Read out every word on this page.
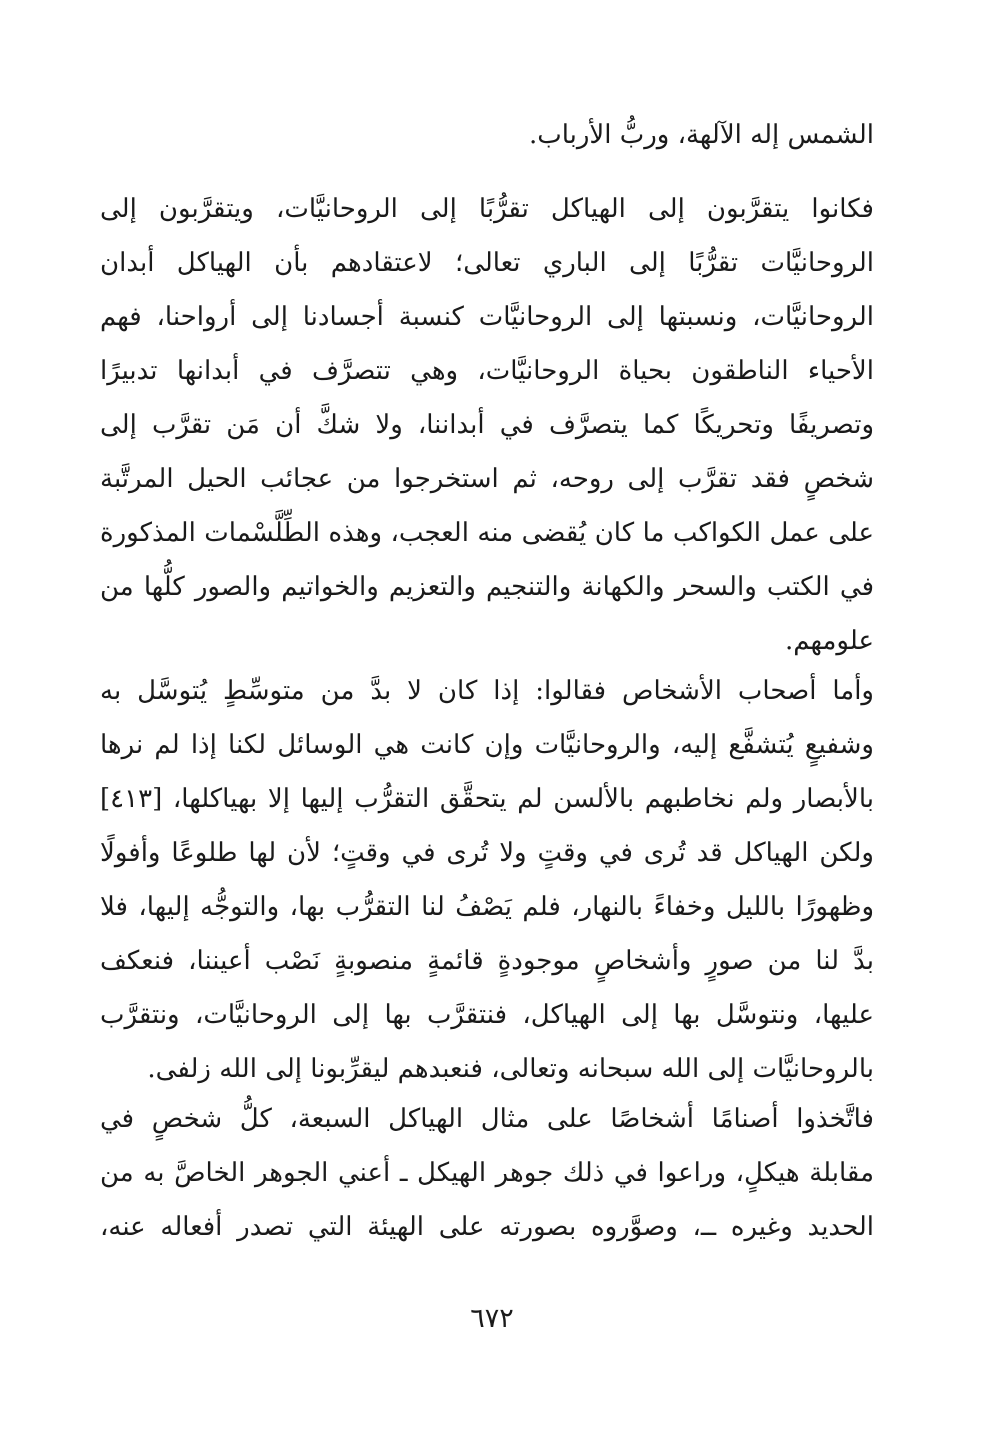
الشمس إله الآلهة، وربُّ الأرباب.
فكانوا يتقرَّبون إلى الهياكل تقرُّبًا إلى الروحانيَّات، ويتقرَّبون إلى
الروحانيَّات تقرُّبًا إلى الباري تعالى؛ لاعتقادهم بأن الهياكل أبدان
الروحانيَّات، ونسبتها إلى الروحانيَّات كنسبة أجسادنا إلى أرواحنا، فهم
الأحياء الناطقون بحياة الروحانيَّات، وهي تتصرَّف في أبدانها تدبيرًا
وتصريفًا وتحريكًا كما يتصرَّف في أبداننا، ولا شكَّ أن مَن تقرَّب إلى
شخصٍ فقد تقرَّب إلى روحه، ثم استخرجوا من عجائب الحيل المرتَّبة
على عمل الكواكب ما كان يُقضى منه العجب، وهذه الطِّلَّسْمات المذكورة
في الكتب والسحر والكهانة والتنجيم والتعزيم والخواتيم والصور كلُّها من
علومهم.
وأما أصحاب الأشخاص فقالوا: إذا كان لا بدَّ من متوسِّطٍ يُتوسَّل به
وشفيعٍ يُتشفَّع إليه، والروحانيَّات وإن كانت هي الوسائل لكنا إذا لم نرها
بالأبصار ولم نخاطبهم بالألسن لم يتحقَّق التقرُّب إليها إلا بهياكلها، [٤١٣]
ولكن الهياكل قد تُرى في وقتٍ ولا تُرى في وقتٍ؛ لأن لها طلوعًا وأفولًا
وظهورًا بالليل وخفاءً بالنهار، فلم يَصْفُ لنا التقرُّب بها، والتوجُّه إليها، فلا
بدَّ لنا من صورٍ وأشخاصٍ موجودةٍ قائمةٍ منصوبةٍ نَصْب أعيننا، فنعكف
عليها، ونتوسَّل بها إلى الهياكل، فنتقرَّب بها إلى الروحانيَّات، ونتقرَّب
بالروحانيَّات إلى الله سبحانه وتعالى، فنعبدهم ليقرِّبونا إلى الله زلفى.
فاتَّخذوا أصنامًا أشخاصًا على مثال الهياكل السبعة، كلُّ شخصٍ في
مقابلة هيكلٍ، وراعوا في ذلك جوهر الهيكل ـ أعني الجوهر الخاصَّ به من
الحديد وغيره ــ، وصوَّروه بصورته على الهيئة التي تصدر أفعاله عنه،
٦٧٢
